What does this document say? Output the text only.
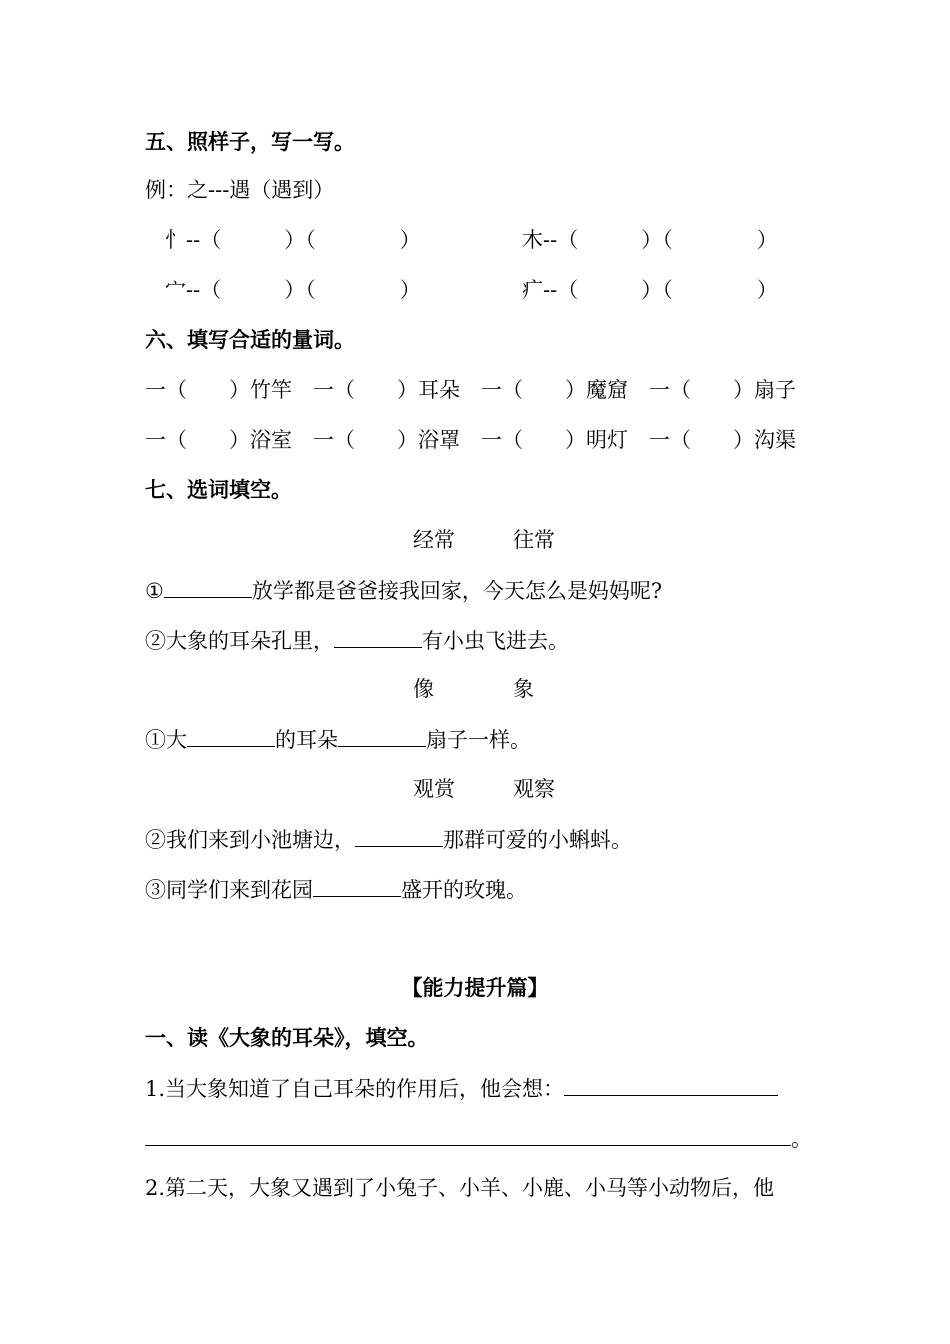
五、照样子，写一写。
例：之---遇（遇到）
忄--（　　　）（　　　　）	木--（　　　）（　　　　）
宀--（　　　）（　　　　）	疒--（　　　）（　　　　）
六、填写合适的量词。
一（　　）竹竿 一（　　）耳朵 一（　　）魔窟 一（　　）扇子
一（　　）浴室 一（　　）浴罩 一（　　）明灯 一（　　）沟渠
七、选词填空。
经常	往常
①	放学都是爸爸接我回家，今天怎么是妈妈呢?
②大象的耳朵孔里，	有小虫飞进去。
像	象
①大	的耳朵	扇子一样。
观赏	观察
②我们来到小池塘边，	那群可爱的小蝌蚪。
③同学们来到花园	盛开的玫瑰。
【能力提升篇】
一、读《大象的耳朵》，填空。
1.当大象知道了自己耳朵的作用后，他会想：
。
2.第二天，大象又遇到了小兔子、小羊、小鹿、小马等小动物后，他
